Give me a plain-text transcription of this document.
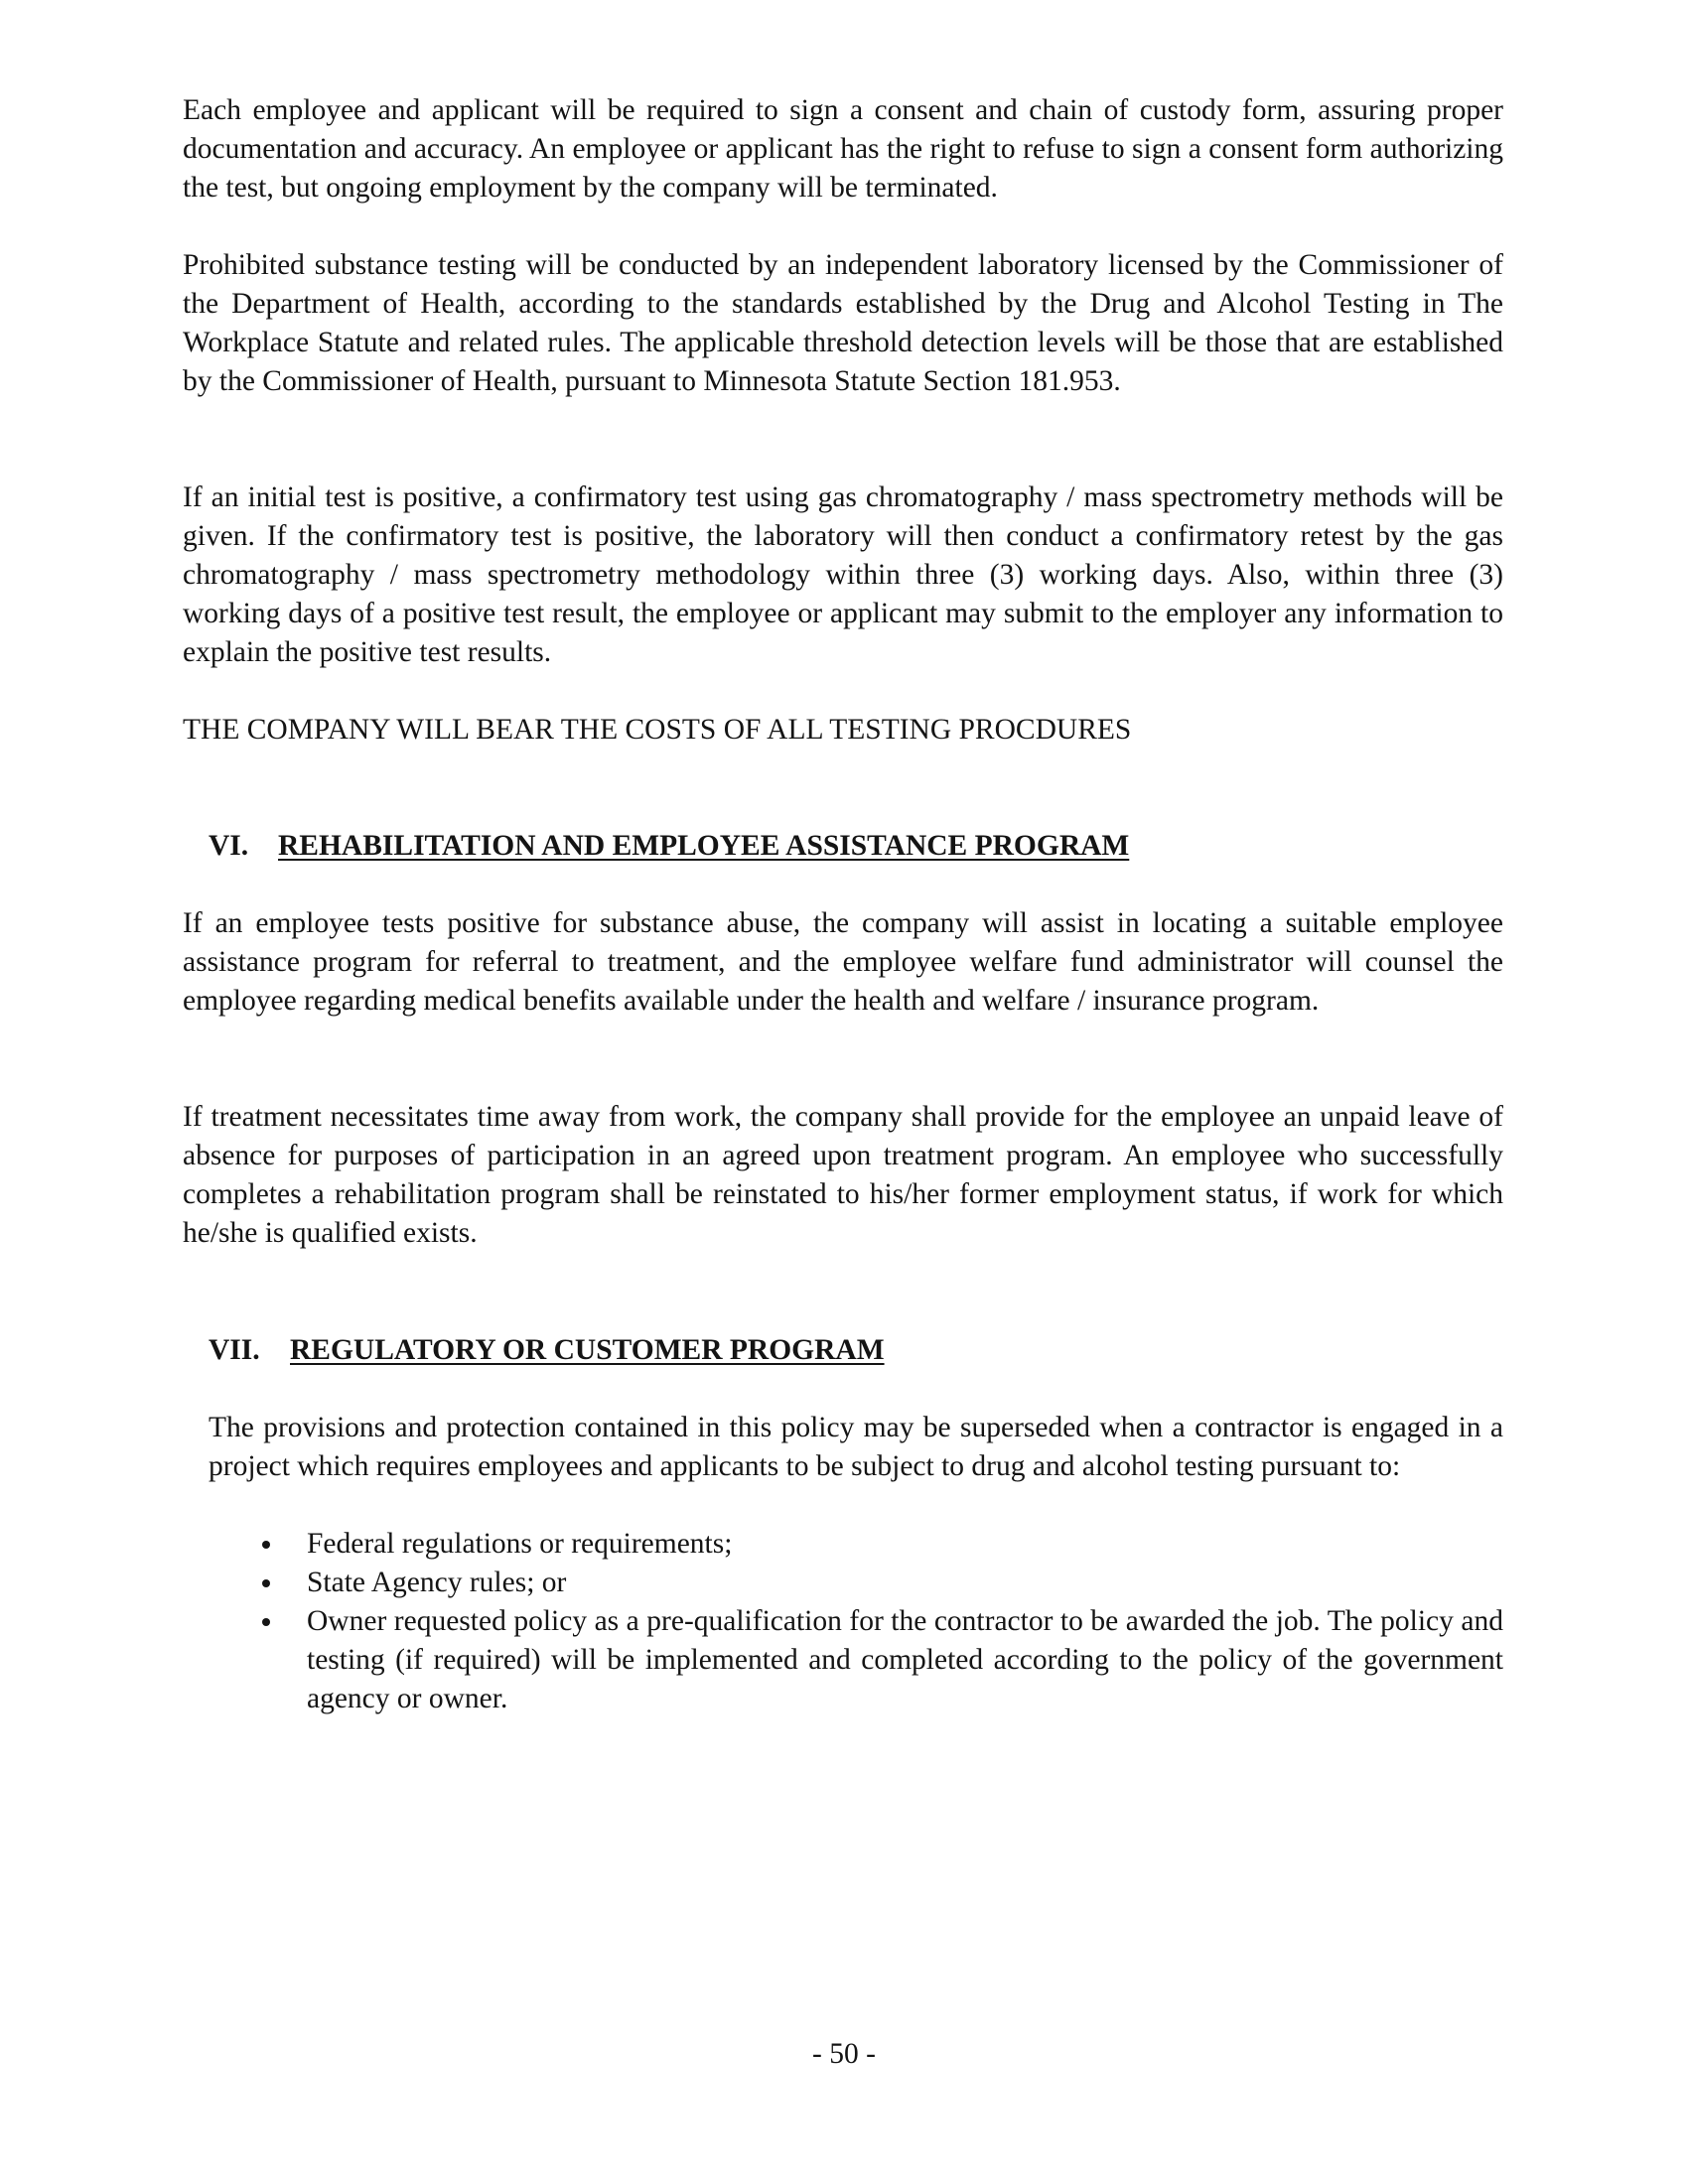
Each employee and applicant will be required to sign a consent and chain of custody form, assuring proper documentation and accuracy. An employee or applicant has the right to refuse to sign a consent form authorizing the test, but ongoing employment by the company will be terminated.

Prohibited substance testing will be conducted by an independent laboratory licensed by the Commissioner of the Department of Health, according to the standards established by the Drug and Alcohol Testing in The Workplace Statute and related rules. The applicable threshold detection levels will be those that are established by the Commissioner of Health, pursuant to Minnesota Statute Section 181.953.

If an initial test is positive, a confirmatory test using gas chromatography / mass spectrometry methods will be given. If the confirmatory test is positive, the laboratory will then conduct a confirmatory retest by the gas chromatography / mass spectrometry methodology within three (3) working days. Also, within three (3) working days of a positive test result, the employee or applicant may submit to the employer any information to explain the positive test results.

THE COMPANY WILL BEAR THE COSTS OF ALL TESTING PROCDURES

VI. REHABILITATION AND EMPLOYEE ASSISTANCE PROGRAM

If an employee tests positive for substance abuse, the company will assist in locating a suitable employee assistance program for referral to treatment, and the employee welfare fund administrator will counsel the employee regarding medical benefits available under the health and welfare / insurance program.

If treatment necessitates time away from work, the company shall provide for the employee an unpaid leave of absence for purposes of participation in an agreed upon treatment program. An employee who successfully completes a rehabilitation program shall be reinstated to his/her former employment status, if work for which he/she is qualified exists.

VII. REGULATORY OR CUSTOMER PROGRAM

The provisions and protection contained in this policy may be superseded when a contractor is engaged in a project which requires employees and applicants to be subject to drug and alcohol testing pursuant to:

Federal regulations or requirements;
State Agency rules; or
Owner requested policy as a pre-qualification for the contractor to be awarded the job. The policy and testing (if required) will be implemented and completed according to the policy of the government agency or owner.
- 50 -
